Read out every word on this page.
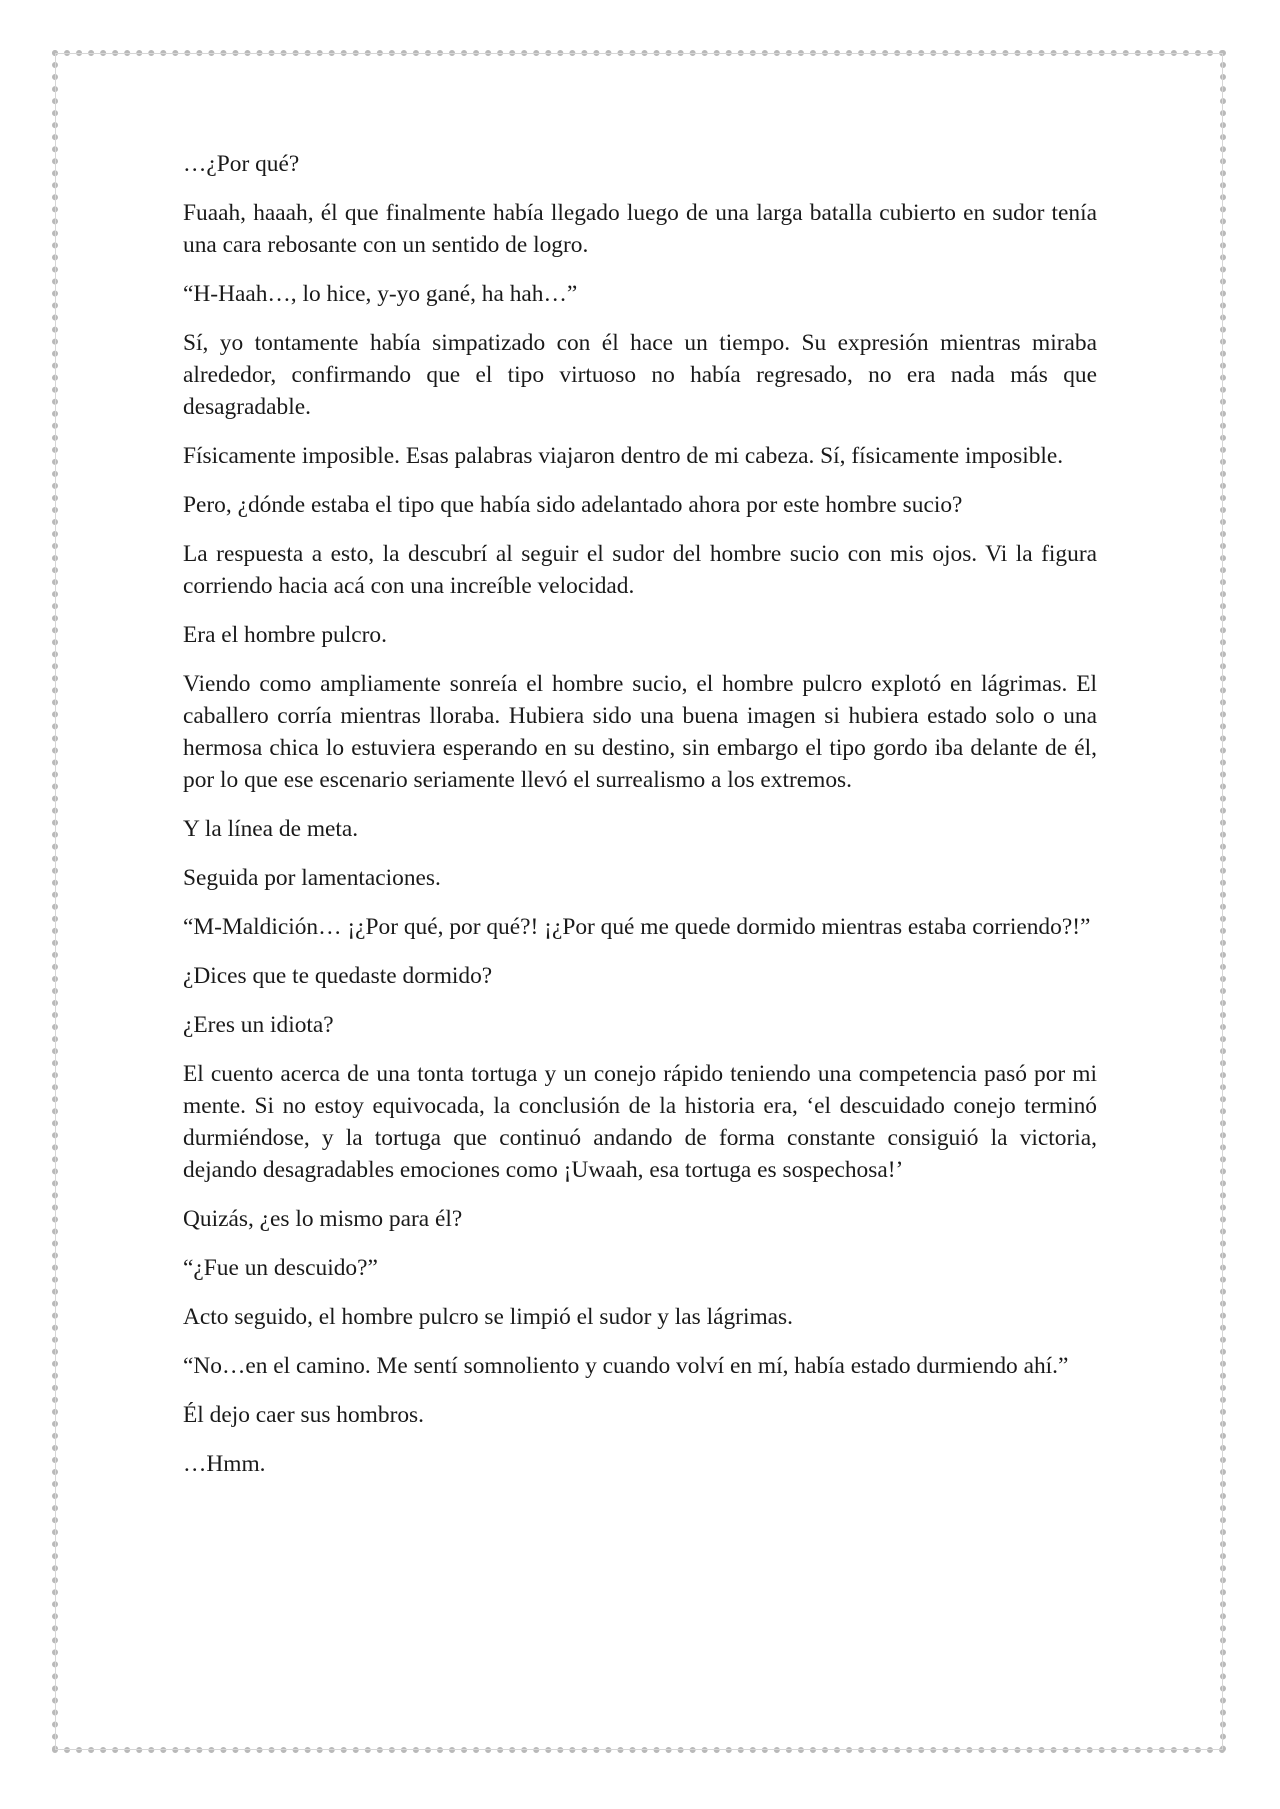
…¿Por qué?

Fuaah, haaah, él que finalmente había llegado luego de una larga batalla cubierto en sudor tenía una cara rebosante con un sentido de logro.

“H-Haah…, lo hice, y-yo gané, ha hah…”

Sí, yo tontamente había simpatizado con él hace un tiempo. Su expresión mientras miraba alrededor, confirmando que el tipo virtuoso no había regresado, no era nada más que desagradable.

Físicamente imposible. Esas palabras viajaron dentro de mi cabeza. Sí, físicamente imposible.

Pero, ¿dónde estaba el tipo que había sido adelantado ahora por este hombre sucio?

La respuesta a esto, la descubrí al seguir el sudor del hombre sucio con mis ojos. Vi la figura corriendo hacia acá con una increíble velocidad.

Era el hombre pulcro.

Viendo como ampliamente sonreía el hombre sucio, el hombre pulcro explotó en lágrimas. El caballero corría mientras lloraba. Hubiera sido una buena imagen si hubiera estado solo o una hermosa chica lo estuviera esperando en su destino, sin embargo el tipo gordo iba delante de él, por lo que ese escenario seriamente llevó el surrealismo a los extremos.

Y la línea de meta.

Seguida por lamentaciones.

“M-Maldición… ¡¿Por qué, por qué?! ¡¿Por qué me quede dormido mientras estaba corriendo?!”

¿Dices que te quedaste dormido?

¿Eres un idiota?

El cuento acerca de una tonta tortuga y un conejo rápido teniendo una competencia pasó por mi mente. Si no estoy equivocada, la conclusión de la historia era, ‘el descuidado conejo terminó durmiéndose, y la tortuga que continuó andando de forma constante consiguió la victoria, dejando desagradables emociones como ¡Uwaah, esa tortuga es sospechosa!’

Quizás, ¿es lo mismo para él?

“¿Fue un descuido?”

Acto seguido, el hombre pulcro se limpió el sudor y las lágrimas.

“No…en el camino. Me sentí somnoliento y cuando volví en mí, había estado durmiendo ahí.”

Él dejo caer sus hombros.

…Hmm.
